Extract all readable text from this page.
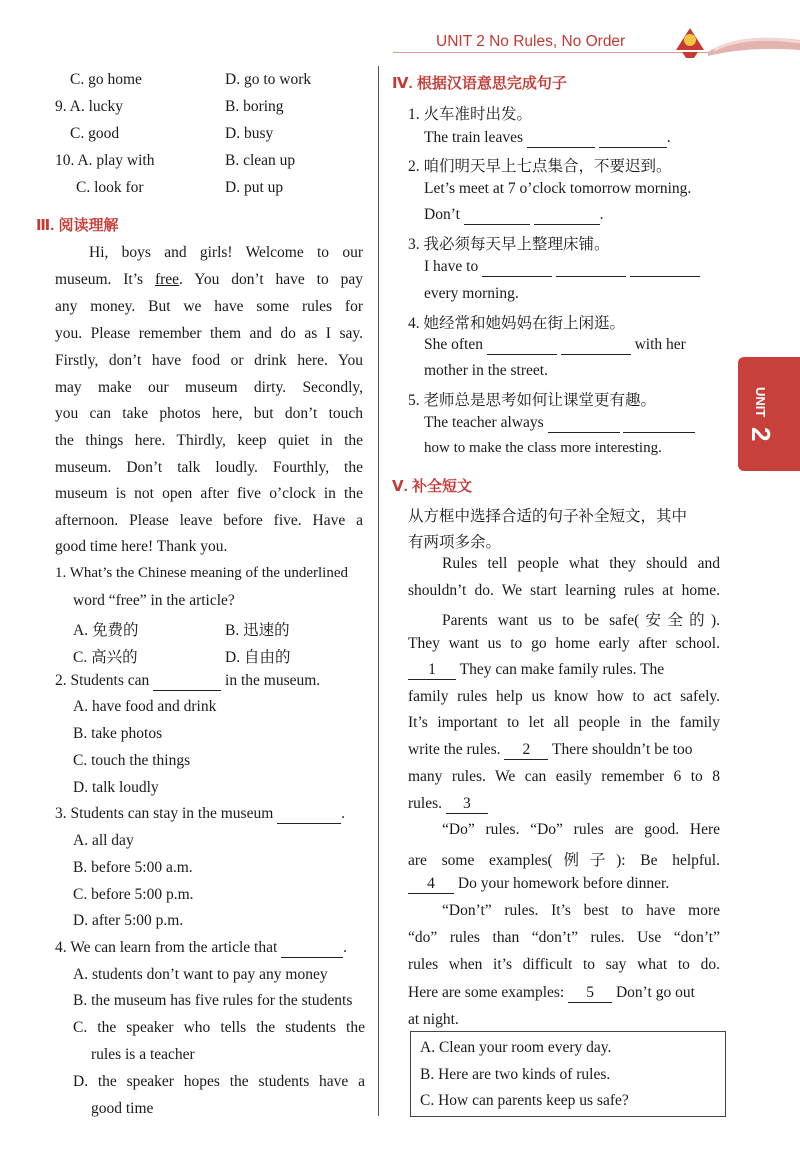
UNIT 2 No Rules, No Order
UNIT
2
C. go home	D. go to work
9. A. lucky	B. boring
C. good	D. busy
10. A. play with	B. clean up
C. look for	D. put up
Ⅲ. 阅读理解
Hi, boys and girls! Welcome to our
museum. It’s free. You don’t have to pay
any money. But we have some rules for
you. Please remember them and do as I say.
Firstly, don’t have food or drink here. You
may make our museum dirty. Secondly,
you can take photos here, but don’t touch
the things here. Thirdly, keep quiet in the
museum. Don’t talk loudly. Fourthly, the
museum is not open after five o’clock in the
afternoon. Please leave before five. Have a
good time here! Thank you.
1. What’s the Chinese meaning of the underlined
word “free” in the article?
A. 免费的	B. 迅速的
C. 高兴的	D. 自由的
2. Students can	in the museum.
A. have food and drink
B. take photos
C. touch the things
D. talk loudly
3. Students can stay in the museum	.
A. all day
B. before 5:00 a.m.
C. before 5:00 p.m.
D. after 5:00 p.m.
4. We can learn from the article that	.
A. students don’t want to pay any money
B. the museum has five rules for the students
C. the speaker who tells the students the
rules is a teacher
D. the speaker hopes the students have a
good time
Ⅳ. 根据汉语意思完成句子
1. 火车准时出发。
The train leaves	.
2. 咱们明天早上七点集合，不要迟到。
Let’s meet at 7 o’clock tomorrow morning.
Don’t	.
3. 我必须每天早上整理床铺。
I have to
every morning.
4. 她经常和她妈妈在街上闲逛。
She often	with her
mother in the street.
5. 老师总是思考如何让课堂更有趣。
The teacher always
how to make the class more interesting.
Ⅴ. 补全短文
从方框中选择合适的句子补全短文，其中
有两项多余。
Rules tell people what they should and
shouldn’t do. We start learning rules at home.
Parents want us to be safe(安全的).
They want us to go home early after school.
1 They can make family rules. The
family rules help us know how to act safely.
It’s important to let all people in the family
write the rules. 2 There shouldn’t be too
many rules. We can easily remember 6 to 8
rules. 3
“Do” rules. “Do” rules are good. Here
are some examples(例子): Be helpful.
4 Do your homework before dinner.
“Don’t” rules. It’s best to have more
“do” rules than “don’t” rules. Use “don’t”
rules when it’s difficult to say what to do.
Here are some examples: 5 Don’t go out
at night.
A. Clean your room every day.
B. Here are two kinds of rules.
C. How can parents keep us safe?
